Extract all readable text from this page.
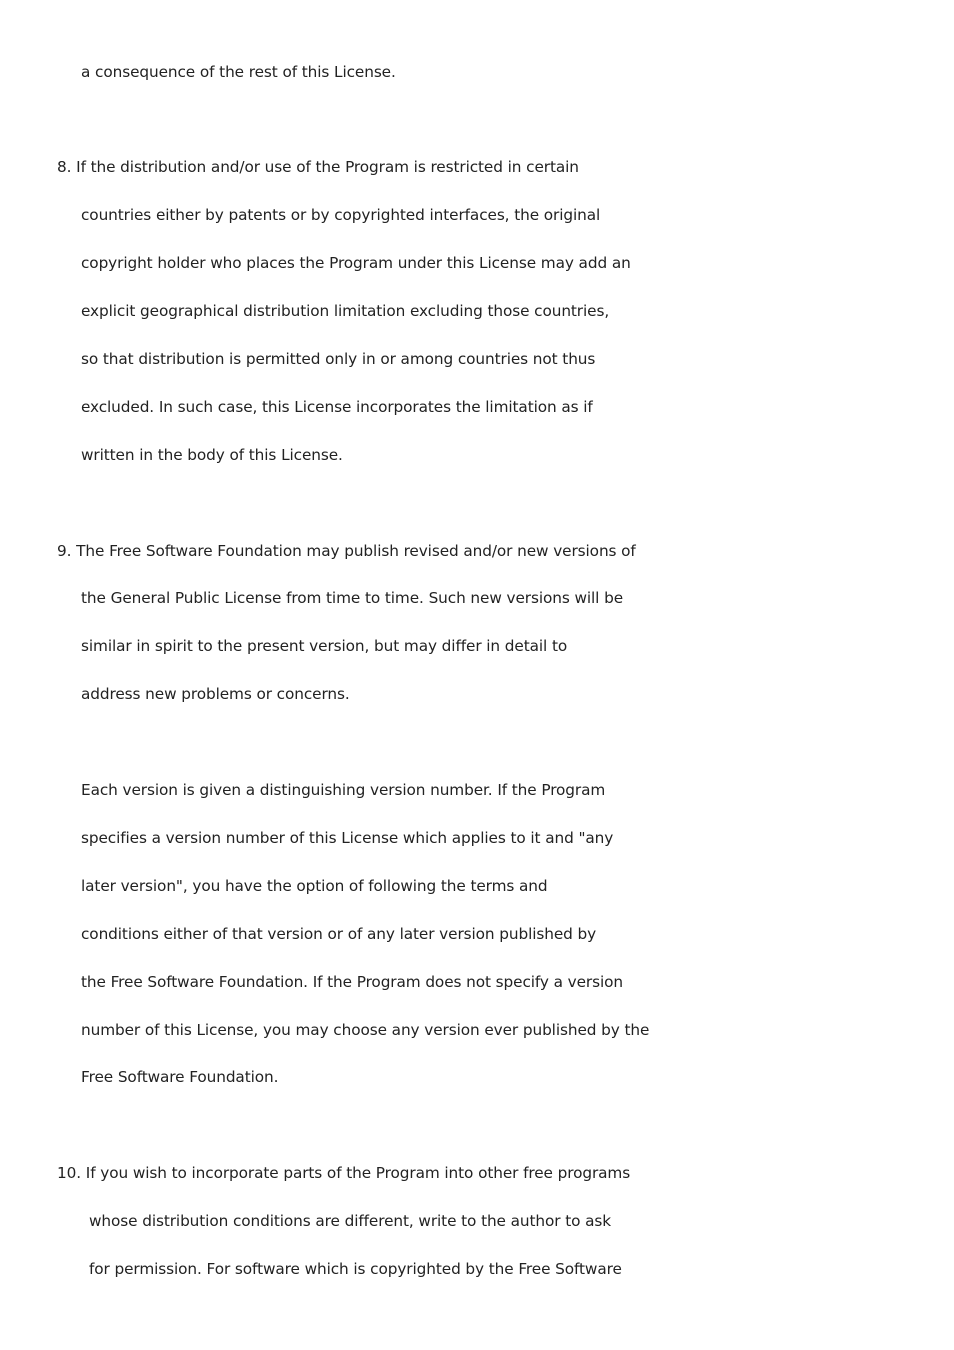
a consequence of the rest of this License.
8. If the distribution and/or use of the Program is restricted in certain
countries either by patents or by copyrighted interfaces, the original
copyright holder who places the Program under this License may add an
explicit geographical distribution limitation excluding those countries,
so that distribution is permitted only in or among countries not thus
excluded. In such case, this License incorporates the limitation as if
written in the body of this License.
9. The Free Software Foundation may publish revised and/or new versions of
the General Public License from time to time. Such new versions will be
similar in spirit to the present version, but may differ in detail to
address new problems or concerns.
Each version is given a distinguishing version number. If the Program
specifies a version number of this License which applies to it and "any
later version", you have the option of following the terms and
conditions either of that version or of any later version published by
the Free Software Foundation. If the Program does not specify a version
number of this License, you may choose any version ever published by the
Free Software Foundation.
10. If you wish to incorporate parts of the Program into other free programs
whose distribution conditions are different, write to the author to ask
for permission. For software which is copyrighted by the Free Software
